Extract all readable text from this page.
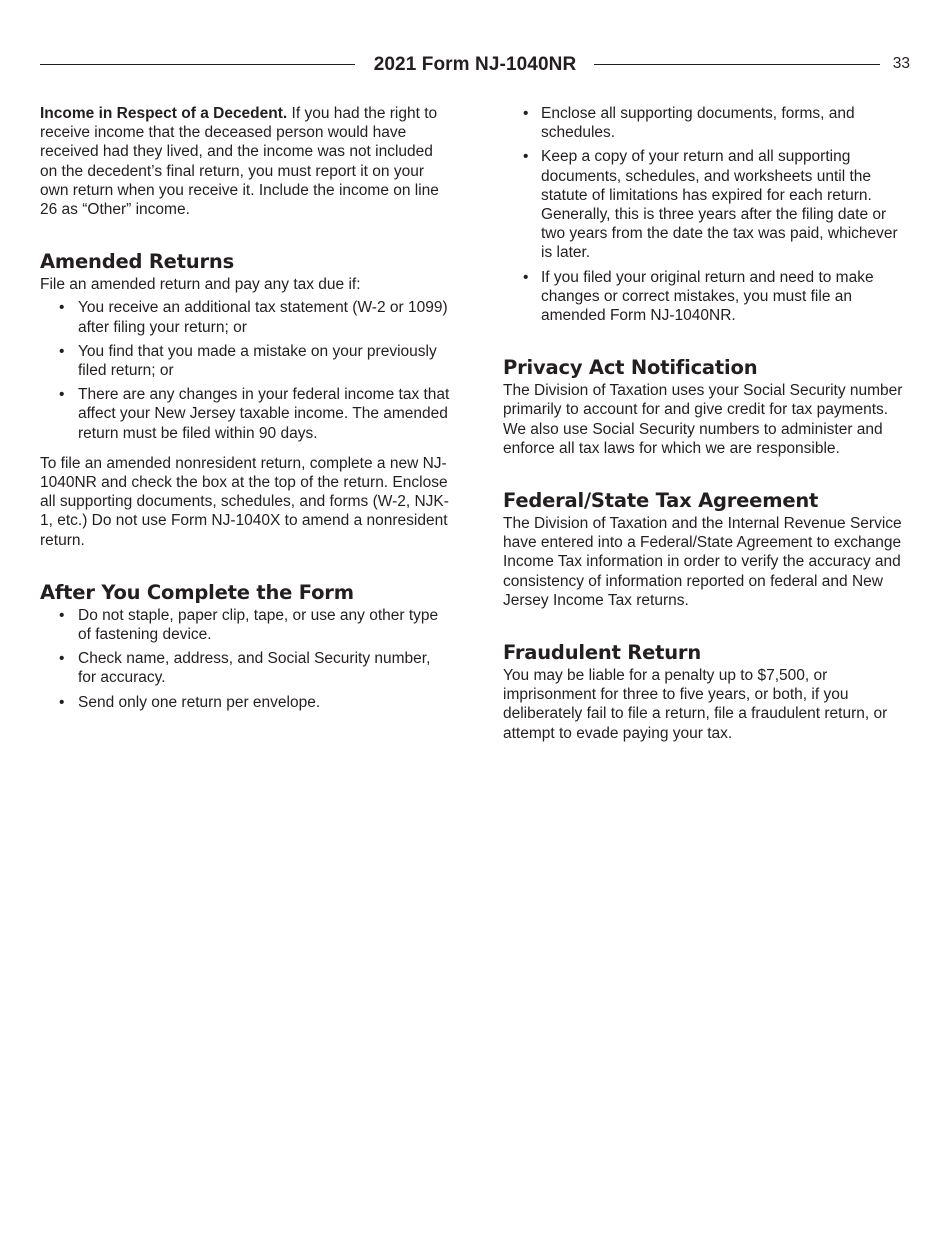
2021 Form NJ-1040NR	33

Income in Respect of a Decedent. If you had the right to receive income that the deceased person would have received had they lived, and the income was not included on the decedent’s final return, you must report it on your own return when you receive it. Include the income on line 26 as “Other” income.

Amended Returns

File an amended return and pay any tax due if:

• You receive an additional tax statement (W-2 or 1099) after filing your return; or
• You find that you made a mistake on your previously filed return; or
• There are any changes in your federal income tax that affect your New Jersey taxable income. The amended return must be filed within 90 days.

To file an amended nonresident return, complete a new NJ-1040NR and check the box at the top of the return. Enclose all supporting documents, schedules, and forms (W-2, NJK-1, etc.) Do not use Form NJ-1040X to amend a nonresident return.

After You Complete the Form
• Do not staple, paper clip, tape, or use any other type of fastening device.
• Check name, address, and Social Security number, for accuracy.
• Send only one return per envelope.
• Enclose all supporting documents, forms, and schedules.
• Keep a copy of your return and all supporting documents, schedules, and worksheets until the statute of limitations has expired for each return. Generally, this is three years after the filing date or two years from the date the tax was paid, whichever is later.
• If you filed your original return and need to make changes or correct mistakes, you must file an amended Form NJ-1040NR.
Privacy Act Notification

The Division of Taxation uses your Social Security number primarily to account for and give credit for tax payments. We also use Social Security numbers to administer and enforce all tax laws for which we are responsible.

Federal/State Tax Agreement

The Division of Taxation and the Internal Revenue Service have entered into a Federal/State Agreement to exchange Income Tax information in order to verify the accuracy and consistency of information reported on federal and New Jersey Income Tax returns.

Fraudulent Return

You may be liable for a penalty up to $7,500, or imprisonment for three to five years, or both, if you deliberately fail to file a return, file a fraudulent return, or attempt to evade paying your tax.
